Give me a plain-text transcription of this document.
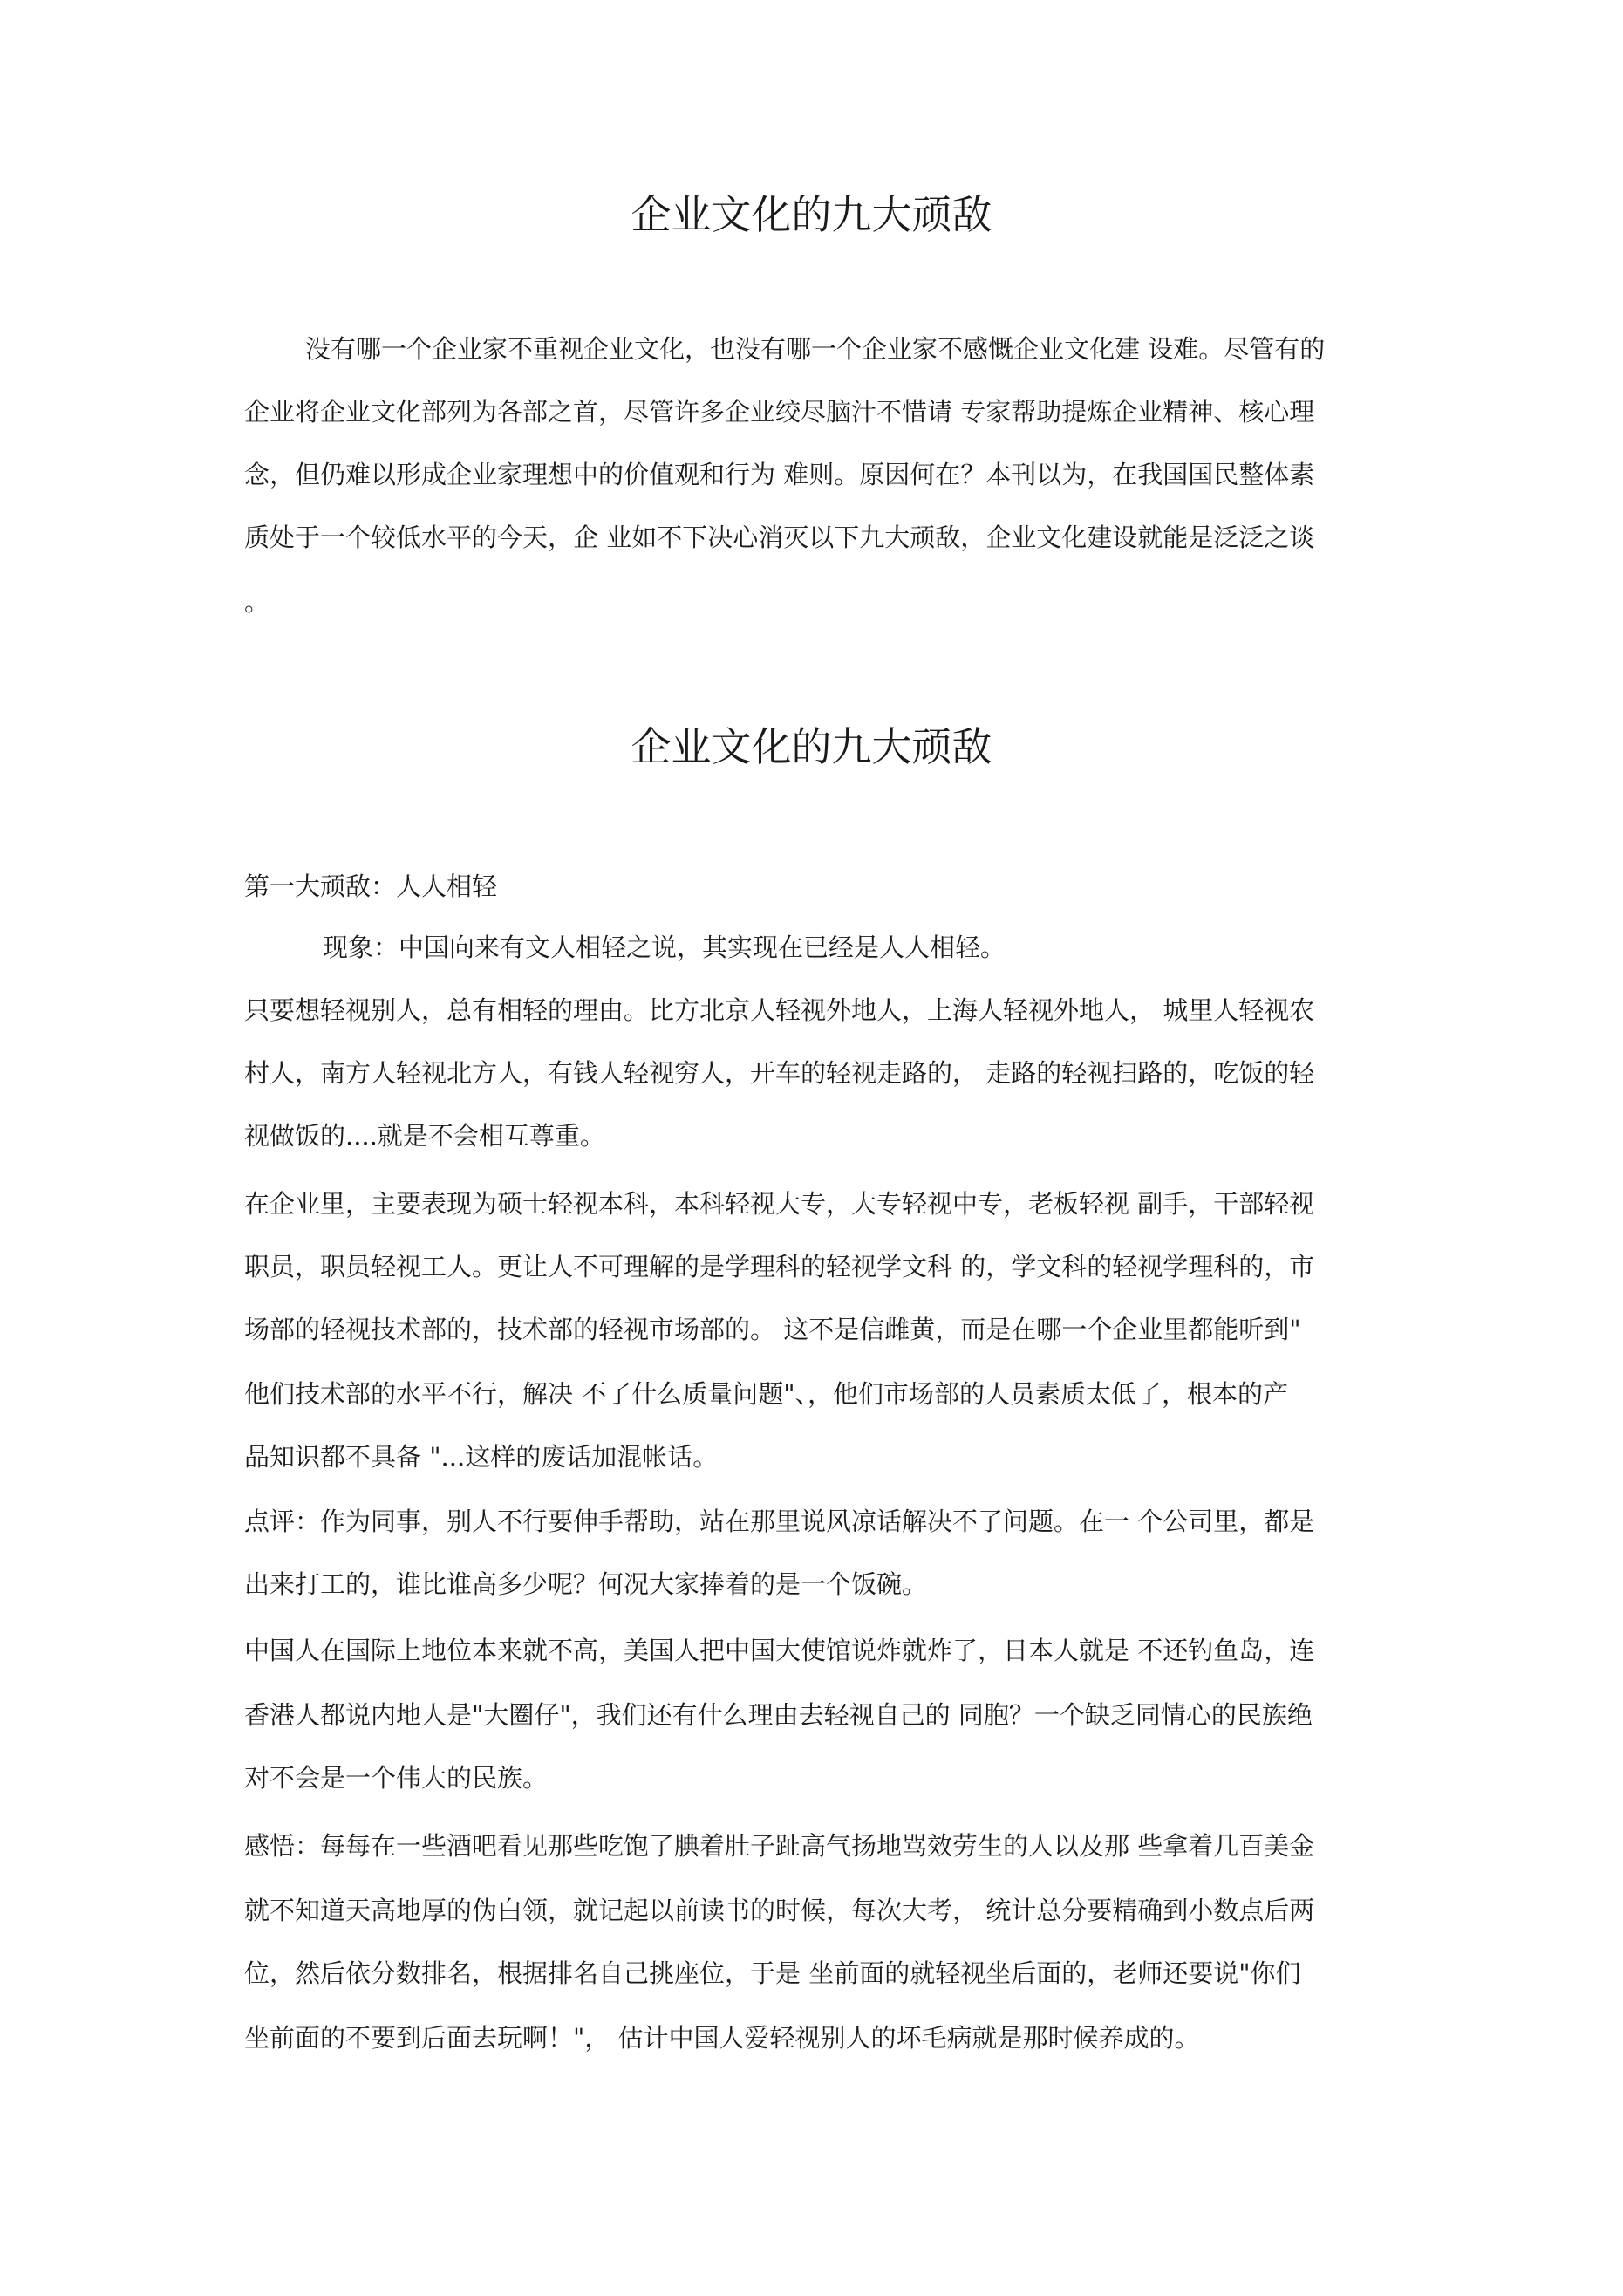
企业文化的九大顽敌
没有哪一个企业家不重视企业文化，也没有哪一个企业家不感慨企业文化建 设难。尽管有的
企业将企业文化部列为各部之首，尽管许多企业绞尽脑汁不惜请 专家帮助提炼企业精神、核心理
念，但仍难以形成企业家理想中的价值观和行为 难则。原因何在？本刊以为，在我国国民整体素
质处于一个较低水平的今天，企 业如不下决心消灭以下九大顽敌，企业文化建设就能是泛泛之谈
。
企业文化的九大顽敌
第一大顽敌：人人相轻
现象：中国向来有文人相轻之说，其实现在已经是人人相轻。
只要想轻视别人，总有相轻的理由。比方北京人轻视外地人，上海人轻视外地人， 城里人轻视农
村人，南方人轻视北方人，有钱人轻视穷人，开车的轻视走路的， 走路的轻视扫路的，吃饭的轻
视做饭的....就是不会相互尊重。
在企业里，主要表现为硕士轻视本科，本科轻视大专，大专轻视中专，老板轻视 副手，干部轻视
职员，职员轻视工人。更让人不可理解的是学理科的轻视学文科 的，学文科的轻视学理科的，市
场部的轻视技术部的，技术部的轻视市场部的。 这不是信雌黄，而是在哪一个企业里都能听到"
他们技术部的水平不行，解决 不了什么质量问题"、，他们市场部的人员素质太低了，根本的产
品知识都不具备 "...这样的废话加混帐话。
点评：作为同事，别人不行要伸手帮助，站在那里说风凉话解决不了问题。在一 个公司里，都是
出来打工的，谁比谁高多少呢？何况大家捧着的是一个饭碗。
中国人在国际上地位本来就不高，美国人把中国大使馆说炸就炸了，日本人就是 不还钓鱼岛，连
香港人都说内地人是"大圈仔"，我们还有什么理由去轻视自己的 同胞？一个缺乏同情心的民族绝
对不会是一个伟大的民族。
感悟：每每在一些酒吧看见那些吃饱了腆着肚子趾高气扬地骂效劳生的人以及那 些拿着几百美金
就不知道天高地厚的伪白领，就记起以前读书的时候，每次大考， 统计总分要精确到小数点后两
位，然后依分数排名，根据排名自己挑座位，于是 坐前面的就轻视坐后面的，老师还要说"你们
坐前面的不要到后面去玩啊！"， 估计中国人爱轻视别人的坏毛病就是那时候养成的。
